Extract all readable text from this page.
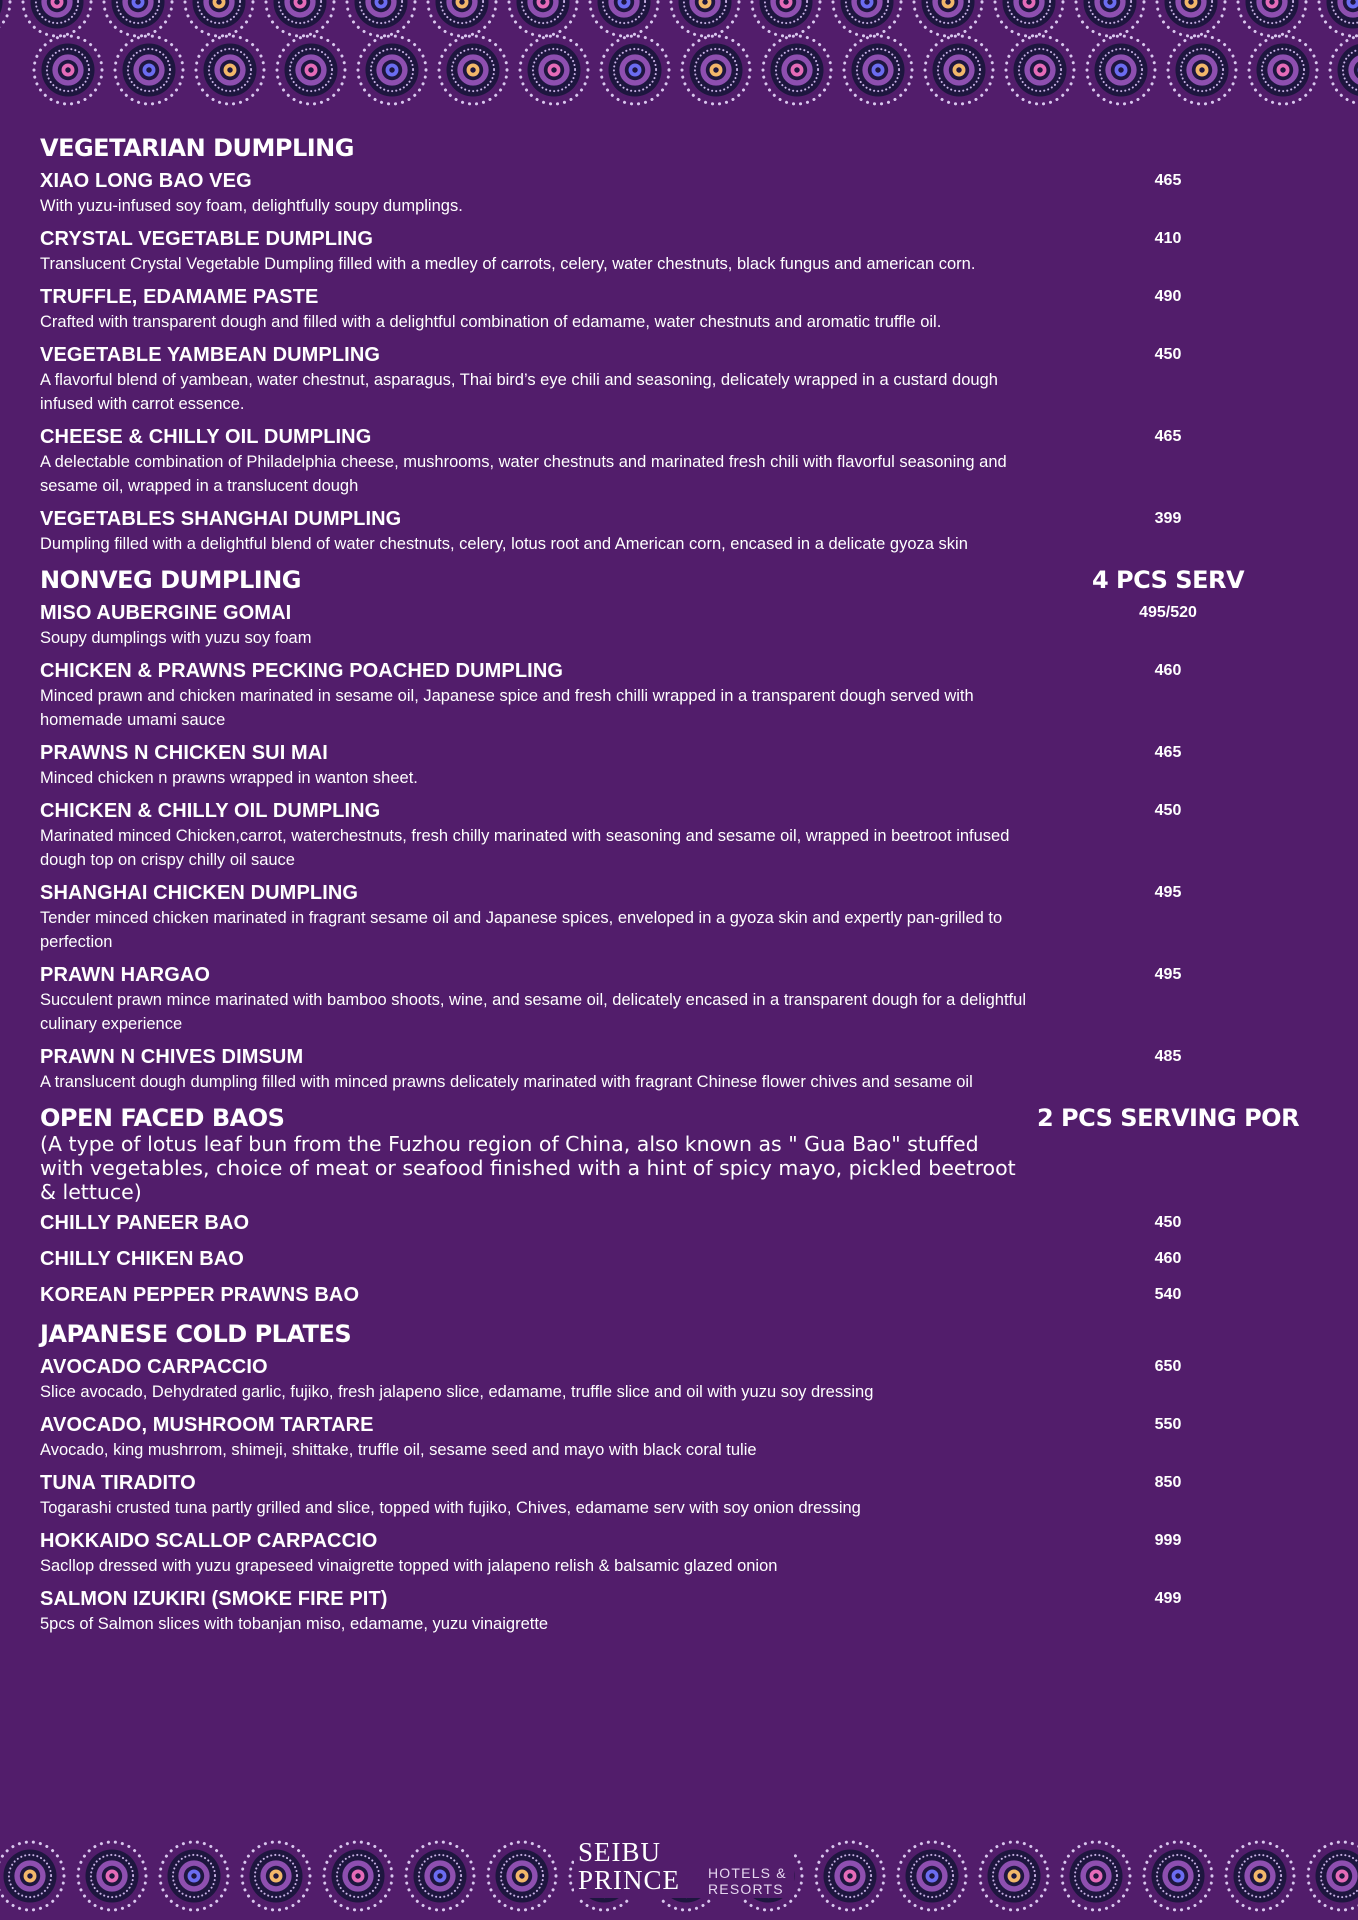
VEGETARIAN DUMPLING
XIAO LONG BAO VEG	465
With yuzu-infused soy foam, delightfully soupy dumplings.
CRYSTAL VEGETABLE DUMPLING	410
Translucent Crystal Vegetable Dumpling filled with a medley of carrots, celery, water chestnuts, black fungus and american corn.
TRUFFLE, EDAMAME PASTE	490
Crafted with transparent dough and filled with a delightful combination of edamame, water chestnuts and aromatic truffle oil.
VEGETABLE YAMBEAN DUMPLING	450
A flavorful blend of yambean, water chestnut, asparagus, Thai bird’s eye chili and seasoning, delicately wrapped in a custard dough infused with carrot essence.
CHEESE & CHILLY OIL DUMPLING	465
A delectable combination of Philadelphia cheese, mushrooms, water chestnuts and marinated fresh chili with flavorful seasoning and sesame oil, wrapped in a translucent dough
VEGETABLES SHANGHAI DUMPLING	399
Dumpling filled with a delightful blend of water chestnuts, celery, lotus root and American corn, encased in a delicate gyoza skin
NONVEG DUMPLING	4 PCS SERV
MISO AUBERGINE GOMAI	495/520
Soupy dumplings with yuzu soy foam
CHICKEN & PRAWNS PECKING POACHED DUMPLING	460
Minced prawn and chicken marinated in sesame oil, Japanese spice and fresh chilli wrapped in a transparent dough served with homemade umami sauce
PRAWNS N CHICKEN SUI MAI	465
Minced chicken n prawns wrapped in wanton sheet.
CHICKEN & CHILLY OIL DUMPLING	450
Marinated minced Chicken,carrot, waterchestnuts, fresh chilly marinated with seasoning and sesame oil, wrapped in beetroot infused dough top on crispy chilly oil sauce
SHANGHAI CHICKEN DUMPLING	495
Tender minced chicken marinated in fragrant sesame oil and Japanese spices, enveloped in a gyoza skin and expertly pan-grilled to perfection
PRAWN HARGAO	495
Succulent prawn mince marinated with bamboo shoots, wine, and sesame oil, delicately encased in a transparent dough for a delightful culinary experience
PRAWN N CHIVES DIMSUM	485
A translucent dough dumpling filled with minced prawns delicately marinated with fragrant Chinese flower chives and sesame oil
OPEN FACED BAOS	2 PCS SERVING POR
(A type of lotus leaf bun from the Fuzhou region of China, also known as " Gua Bao" stuffed with vegetables, choice of meat or seafood finished with a hint of spicy mayo, pickled beetroot & lettuce)
CHILLY PANEER BAO	450
CHILLY CHIKEN BAO	460
KOREAN PEPPER PRAWNS BAO	540
JAPANESE COLD PLATES
AVOCADO CARPACCIO	650
Slice avocado, Dehydrated garlic, fujiko, fresh jalapeno slice, edamame, truffle slice and oil with yuzu soy dressing
AVOCADO, MUSHROOM TARTARE	550
Avocado, king mushrrom, shimeji, shittake, truffle oil, sesame seed and mayo with black coral tulie
TUNA TIRADITO	850
Togarashi crusted tuna partly grilled and slice, topped with fujiko, Chives, edamame serv with soy onion dressing
HOKKAIDO SCALLOP CARPACCIO	999
Sacllop dressed with yuzu grapeseed vinaigrette topped with jalapeno relish & balsamic glazed onion
SALMON IZUKIRI (SMOKE FIRE PIT)	499
5pcs of Salmon slices with tobanjan miso, edamame, yuzu vinaigrette
SEIBU
PRINCE HOTELS &
RESORTS
